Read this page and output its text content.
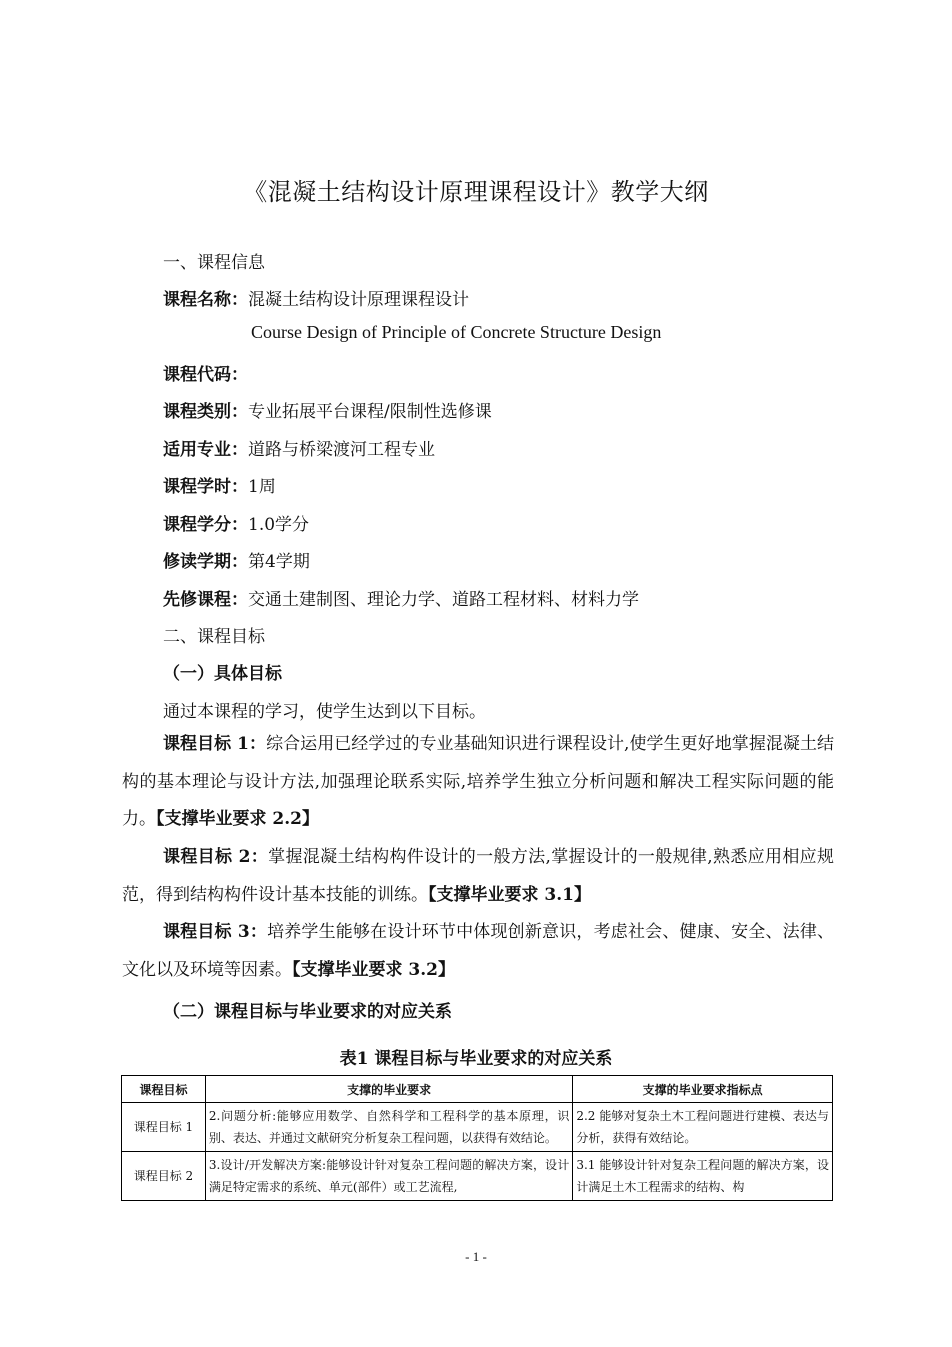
《混凝土结构设计原理课程设计》教学大纲
一、课程信息
课程名称：混凝土结构设计原理课程设计
Course Design of Principle of Concrete Structure Design
课程代码：
课程类别：专业拓展平台课程/限制性选修课
适用专业：道路与桥梁渡河工程专业
课程学时：1周
课程学分：1.0学分
修读学期：第4学期
先修课程：交通土建制图、理论力学、道路工程材料、材料力学
二、课程目标
（一）具体目标
通过本课程的学习，使学生达到以下目标。
课程目标 1：综合运用已经学过的专业基础知识进行课程设计,使学生更好地掌握混凝土结构的基本理论与设计方法,加强理论联系实际,培养学生独立分析问题和解决工程实际问题的能力。【支撑毕业要求 2.2】
课程目标 2：掌握混凝土结构构件设计的一般方法,掌握设计的一般规律,熟悉应用相应规范，得到结构构件设计基本技能的训练。【支撑毕业要求 3.1】
课程目标 3：培养学生能够在设计环节中体现创新意识，考虑社会、健康、安全、法律、文化以及环境等因素。【支撑毕业要求 3.2】
（二）课程目标与毕业要求的对应关系
表1 课程目标与毕业要求的对应关系
课程目标	支撑的毕业要求	支撑的毕业要求指标点
课程目标 1	2.问题分析:能够应用数学、自然科学和工程科学的基本原理，识别、表达、并通过文献研究分析复杂工程问题，以获得有效结论。	2.2 能够对复杂土木工程问题进行建模、表达与分析，获得有效结论。
课程目标 2	3.设计/开发解决方案:能够设计针对复杂工程问题的解决方案，设计满足特定需求的系统、单元(部件）或工艺流程,	3.1 能够设计针对复杂工程问题的解决方案，设计满足土木工程需求的结构、构
- 1 -
